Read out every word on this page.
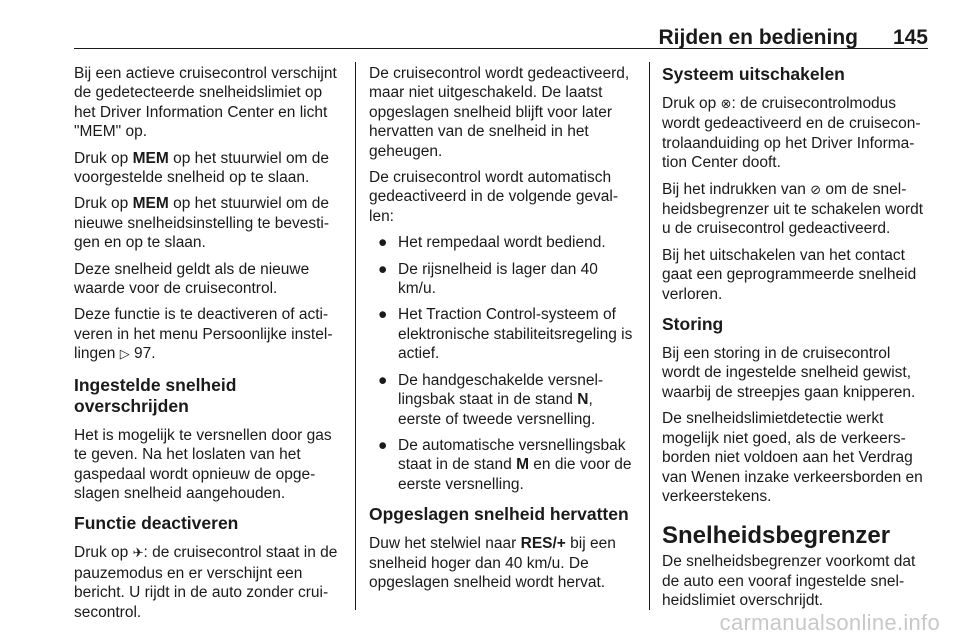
Rijden en bediening 145

Bij een actieve cruisecontrol verschijnt de gedetecteerde snelheidslimiet op het Driver Information Center en licht "MEM" op.

Druk op MEM op het stuurwiel om de voorgestelde snelheid op te slaan.

Druk op MEM op het stuurwiel om de nieuwe snelheidsinstelling te bevestigen en op te slaan.

Deze snelheid geldt als de nieuwe waarde voor de cruisecontrol.

Deze functie is te deactiveren of activeren in het menu Persoonlijke instellingen ▷ 97.

Ingestelde snelheid overschrijden

Het is mogelijk te versnellen door gas te geven. Na het loslaten van het gaspedaal wordt opnieuw de opgeslagen snelheid aangehouden.

Functie deactiveren

Druk op ✈: de cruisecontrol staat in de pauzemodus en er verschijnt een bericht. U rijdt in de auto zonder cruisecontrol.

De cruisecontrol wordt gedeactiveerd, maar niet uitgeschakeld. De laatst opgeslagen snelheid blijft voor later hervatten van de snelheid in het geheugen.

De cruisecontrol wordt automatisch gedeactiveerd in de volgende gevallen:

● Het rempedaal wordt bediend.
● De rijsnelheid is lager dan 40 km/u.
● Het Traction Control-systeem of elektronische stabiliteitsregeling is actief.
● De handgeschakelde versnellingsbak staat in de stand N, eerste of tweede versnelling.
● De automatische versnellingsbak staat in de stand M en die voor de eerste versnelling.
Opgeslagen snelheid hervatten

Duw het stelwiel naar RES/+ bij een snelheid hoger dan 40 km/u. De opgeslagen snelheid wordt hervat.

Systeem uitschakelen

Druk op ⊗: de cruisecontrolmodus wordt gedeactiveerd en de cruisecontrolaanduiding op het Driver Information Center dooft.

Bij het indrukken van ⊘ om de snelheidsbegrenzer uit te schakelen wordt u de cruisecontrol gedeactiveerd.

Bij het uitschakelen van het contact gaat een geprogrammeerde snelheid verloren.

Storing

Bij een storing in de cruisecontrol wordt de ingestelde snelheid gewist, waarbij de streepjes gaan knipperen.

De snelheidslimietdetectie werkt mogelijk niet goed, als de verkeersborden niet voldoen aan het Verdrag van Wenen inzake verkeersborden en verkeerstekens.

Snelheidsbegrenzer

De snelheidsbegrenzer voorkomt dat de auto een vooraf ingestelde snelheidslimiet overschrijdt.

carmanualsonline.info
